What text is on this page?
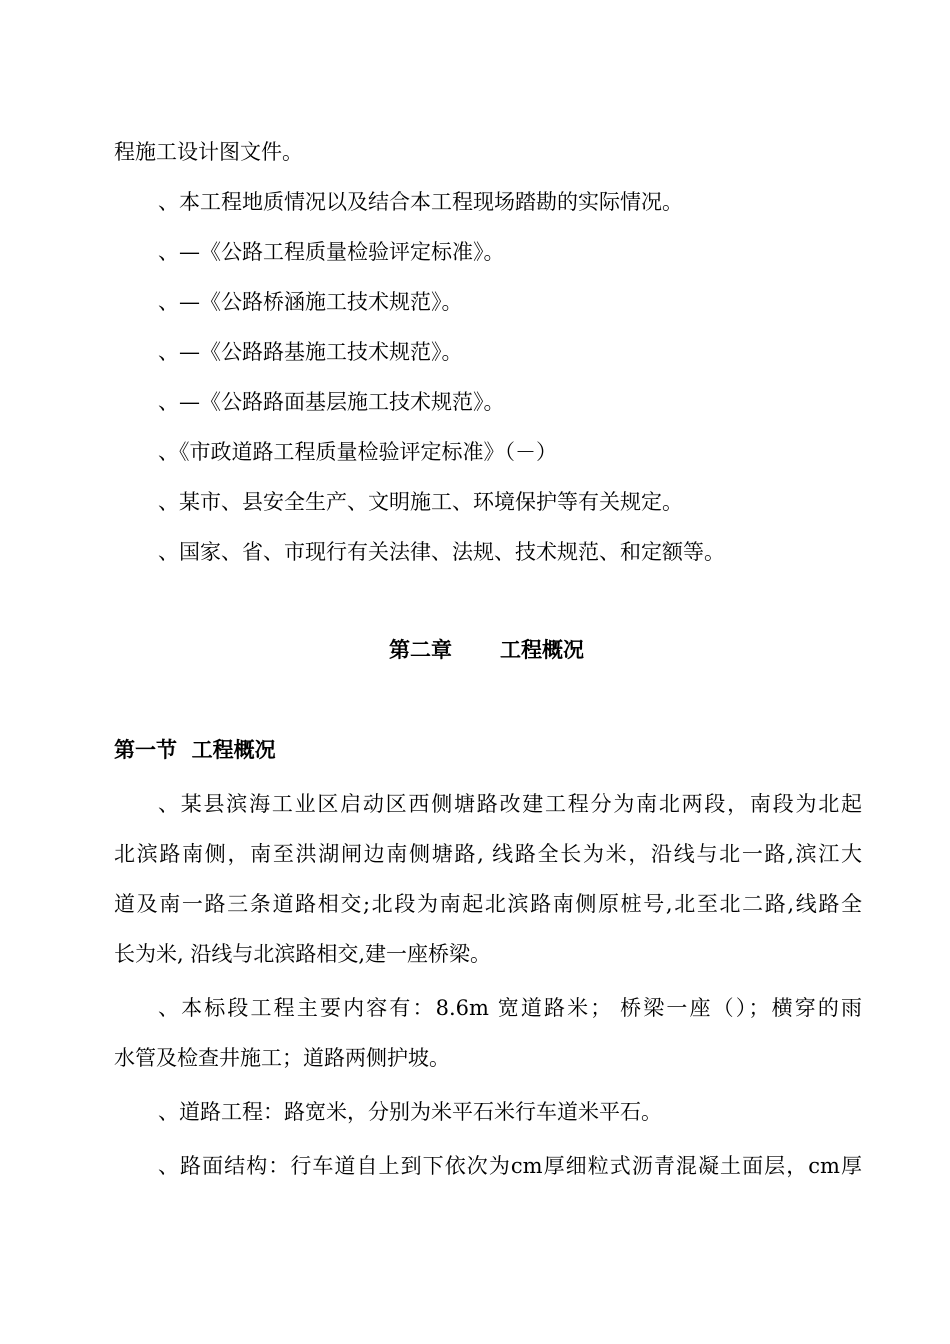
程施工设计图文件。
、本工程地质情况以及结合本工程现场踏勘的实际情况。
、—《公路工程质量检验评定标准》。
、—《公路桥涵施工技术规范》。
、—《公路路基施工技术规范》。
、—《公路路面基层施工技术规范》。
、《市政道路工程质量检验评定标准》（－）
、某市、县安全生产、文明施工、环境保护等有关规定。
、国家、省、市现行有关法律、法规、技术规范、和定额等。
第二章 工程概况
第一节  工程概况
、某县滨海工业区启动区西侧塘路改建工程分为南北两段，南段为北起
北滨路南侧，南至洪湖闸边南侧塘路, 线路全长为米，沿线与北一路,滨江大
道及南一路三条道路相交;北段为南起北滨路南侧原桩号,北至北二路,线路全
长为米, 沿线与北滨路相交,建一座桥梁。
、本标段工程主要内容有：8.6m 宽道路米； 桥梁一座（）；横穿的雨
水管及检查井施工；道路两侧护坡。
、道路工程：路宽米，分别为米平石米行车道米平石。
、路面结构：行车道自上到下依次为cm厚细粒式沥青混凝土面层，cm厚
